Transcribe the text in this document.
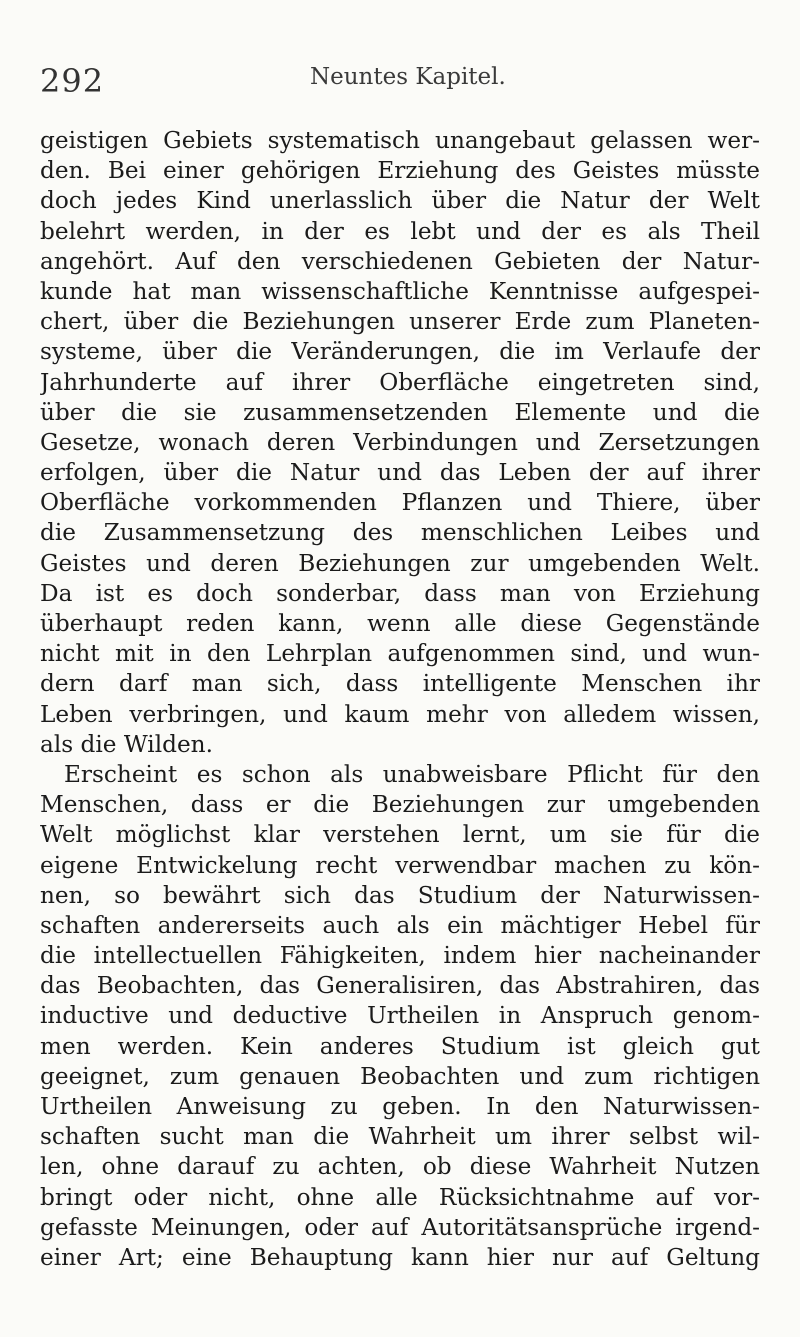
292	Neuntes Kapitel.
geistigen Gebiets systematisch unangebaut gelassen wer-
den. Bei einer gehörigen Erziehung des Geistes müsste
doch jedes Kind unerlasslich über die Natur der Welt
belehrt werden, in der es lebt und der es als Theil
angehört. Auf den verschiedenen Gebieten der Natur-
kunde hat man wissenschaftliche Kenntnisse aufgespei-
chert, über die Beziehungen unserer Erde zum Planeten-
systeme, über die Veränderungen, die im Verlaufe der
Jahrhunderte auf ihrer Oberfläche eingetreten sind,
über die sie zusammensetzenden Elemente und die
Gesetze, wonach deren Verbindungen und Zersetzungen
erfolgen, über die Natur und das Leben der auf ihrer
Oberfläche vorkommenden Pflanzen und Thiere, über
die Zusammensetzung des menschlichen Leibes und
Geistes und deren Beziehungen zur umgebenden Welt.
Da ist es doch sonderbar, dass man von Erziehung
überhaupt reden kann, wenn alle diese Gegenstände
nicht mit in den Lehrplan aufgenommen sind, und wun-
dern darf man sich, dass intelligente Menschen ihr
Leben verbringen, und kaum mehr von alledem wissen,
als die Wilden.
Erscheint es schon als unabweisbare Pflicht für den
Menschen, dass er die Beziehungen zur umgebenden
Welt möglichst klar verstehen lernt, um sie für die
eigene Entwickelung recht verwendbar machen zu kön-
nen, so bewährt sich das Studium der Naturwissen-
schaften andererseits auch als ein mächtiger Hebel für
die intellectuellen Fähigkeiten, indem hier nacheinander
das Beobachten, das Generalisiren, das Abstrahiren, das
inductive und deductive Urtheilen in Anspruch genom-
men werden. Kein anderes Studium ist gleich gut
geeignet, zum genauen Beobachten und zum richtigen
Urtheilen Anweisung zu geben. In den Naturwissen-
schaften sucht man die Wahrheit um ihrer selbst wil-
len, ohne darauf zu achten, ob diese Wahrheit Nutzen
bringt oder nicht, ohne alle Rücksichtnahme auf vor-
gefasste Meinungen, oder auf Autoritätsansprüche irgend-
einer Art; eine Behauptung kann hier nur auf Geltung
